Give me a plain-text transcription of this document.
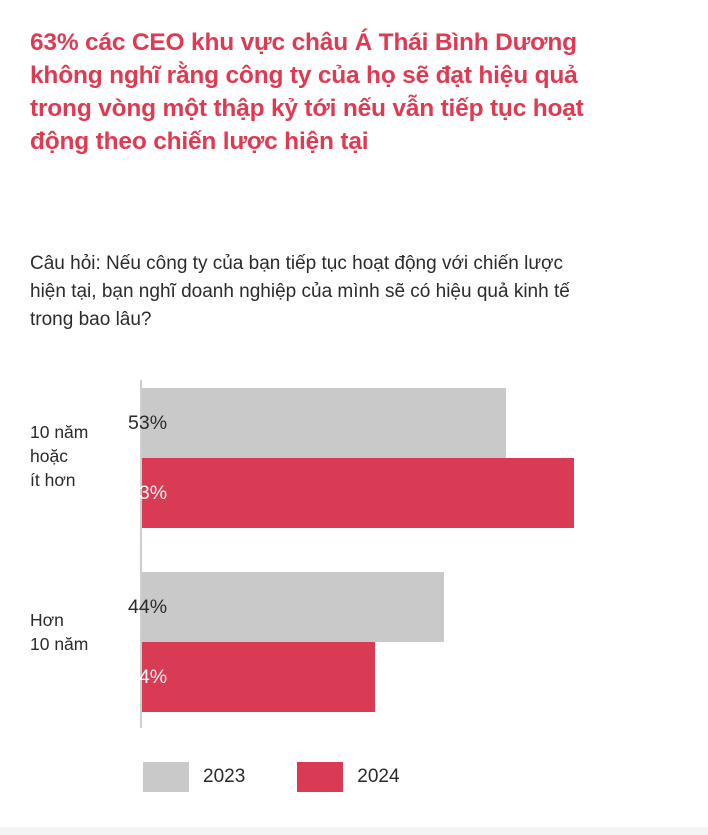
63% các CEO khu vực châu Á Thái Bình Dương không nghĩ rằng công ty của họ sẽ đạt hiệu quả trong vòng một thập kỷ tới nếu vẫn tiếp tục hoạt động theo chiến lược hiện tại
Câu hỏi: Nếu công ty của bạn tiếp tục hoạt động với chiến lược hiện tại, bạn nghĩ doanh nghiệp của mình sẽ có hiệu quả kinh tế trong bao lâu?
10 năm
hoặc
ít hơn
53%
63%
Hơn
10 năm
44%
34%
2023	2024
